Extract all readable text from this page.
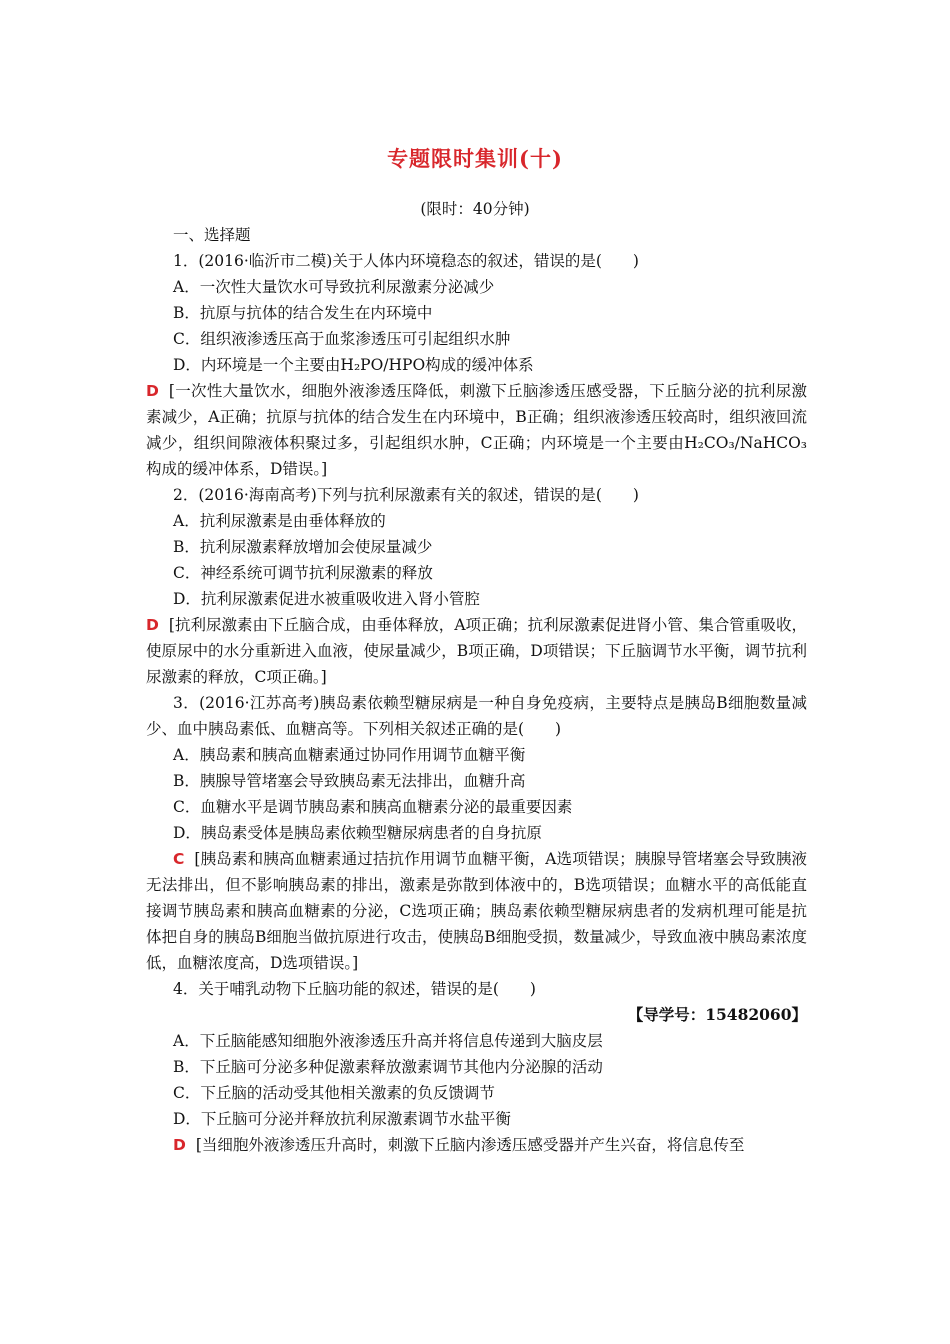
专题限时集训(十)
(限时：40分钟)
一、选择题
1．(2016·临沂市二模)关于人体内环境稳态的叙述，错误的是(　　)
A．一次性大量饮水可导致抗利尿激素分泌减少
B．抗原与抗体的结合发生在内环境中
C．组织液渗透压高于血浆渗透压可引起组织水肿
D．内环境是一个主要由H₂PO/HPO构成的缓冲体系
D [一次性大量饮水，细胞外液渗透压降低，刺激下丘脑渗透压感受器，下丘脑分泌的抗利尿激素减少，A正确；抗原与抗体的结合发生在内环境中，B正确；组织液渗透压较高时，组织液回流减少，组织间隙液体积聚过多，引起组织水肿，C正确；内环境是一个主要由H₂CO₃/NaHCO₃构成的缓冲体系，D错误。]
2．(2016·海南高考)下列与抗利尿激素有关的叙述，错误的是(　　)
A．抗利尿激素是由垂体释放的
B．抗利尿激素释放增加会使尿量减少
C．神经系统可调节抗利尿激素的释放
D．抗利尿激素促进水被重吸收进入肾小管腔
D [抗利尿激素由下丘脑合成，由垂体释放，A项正确；抗利尿激素促进肾小管、集合管重吸收，使原尿中的水分重新进入血液，使尿量减少，B项正确，D项错误；下丘脑调节水平衡，调节抗利尿激素的释放，C项正确。]
3．(2016·江苏高考)胰岛素依赖型糖尿病是一种自身免疫病，主要特点是胰岛B细胞数量减少、血中胰岛素低、血糖高等。下列相关叙述正确的是(　　)
A．胰岛素和胰高血糖素通过协同作用调节血糖平衡
B．胰腺导管堵塞会导致胰岛素无法排出，血糖升高
C．血糖水平是调节胰岛素和胰高血糖素分泌的最重要因素
D．胰岛素受体是胰岛素依赖型糖尿病患者的自身抗原
C [胰岛素和胰高血糖素通过拮抗作用调节血糖平衡，A选项错误；胰腺导管堵塞会导致胰液无法排出，但不影响胰岛素的排出，激素是弥散到体液中的，B选项错误；血糖水平的高低能直接调节胰岛素和胰高血糖素的分泌，C选项正确；胰岛素依赖型糖尿病患者的发病机理可能是抗体把自身的胰岛B细胞当做抗原进行攻击，使胰岛B细胞受损，数量减少，导致血液中胰岛素浓度低，血糖浓度高，D选项错误。]
4．关于哺乳动物下丘脑功能的叙述，错误的是(　　)
【导学号：15482060】
A．下丘脑能感知细胞外液渗透压升高并将信息传递到大脑皮层
B．下丘脑可分泌多种促激素释放激素调节其他内分泌腺的活动
C．下丘脑的活动受其他相关激素的负反馈调节
D．下丘脑可分泌并释放抗利尿激素调节水盐平衡
D [当细胞外液渗透压升高时，刺激下丘脑内渗透压感受器并产生兴奋，将信息传至
